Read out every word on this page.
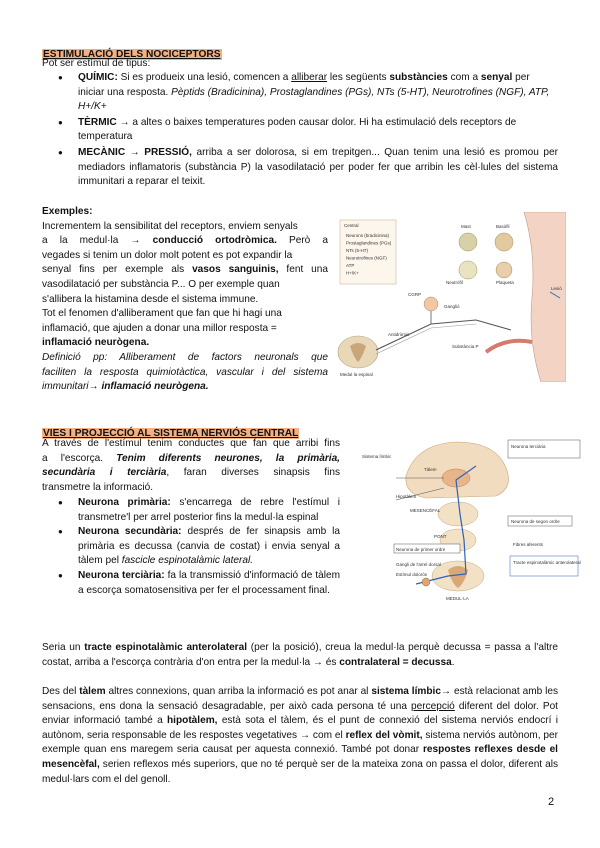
ESTIMULACIÓ DELS NOCICEPTORS
Pot ser estímul de tipus:
● QUÍMIC: Si es produeix una lesió, comencen a alliberar les següents substàncies com a senyal per iniciar una resposta. Pèptids (Bradicinina), Prostaglandines (PGs), NTs (5-HT), Neurotrofines (NGF), ATP, H+/K+
● TÈRMIC → a altes o baixes temperatures poden causar dolor. Hi ha estimulació dels receptors de temperatura
● MECÀNIC → PRESSIÓ, arriba a ser dolorosa, si em trepitgen... Quan tenim una lesió es promou per mediadors inflamatoris (substància P) la vasodilatació per poder fer que arribin les cèl·lules del sistema immunitari a reparar el teixit.
Exemples:
Incrementem la sensibilitat del receptors, enviem senyals
a la medul·la → conducció ortodròmica. Però a
vegades si tenim un dolor molt potent es pot expandir la
senyal fins per exemple als vasos sanguinis, fent una
vasodilatació per substància P... O per exemple quan
s'allibera la histamina desde el sistema immune.
Tot el fenomen d'alliberament que fan que hi hagi una
inflamació, que ajuden a donar una millor resposta =
inflamació neurògena.
Definició pp: Alliberament de factors neuronals que
faciliten la resposta quimiotàctica, vascular i del sistema
immunitari→ inflamació neurògena.
Central
Neurons (bradicinina)
Prostaglandines (PGs)
NTs (5-HT)
Neurotrofines (NGF)
ATP
H+/K+
Medul·la espinal
Mast	Basòfil
Neutròfil	Plaqueta
Ganglió
Lesió
CGRP
Substància P
Antidròmic
VIES I PROJECCIÓ AL SISTEMA NERVIÓS CENTRAL
A través de l'estímul tenim conductes que fan que arribi fins
a l'escorça. Tenim diferents neurones, la primària,
secundària i terciària, faran diverses sinapsis fins
transmetre la informació.
● Neurona primària: s'encarrega de rebre l'estímul i transmetre'l per arrel posterior fins la medul·la espinal
● Neurona secundària: després de fer sinapsis amb la primària es decussa (canvia de costat) i envia senyal a tàlem pel fascicle espinotalàmic lateral.
● Neurona terciària: fa la transmissió d'informació de tàlem a escorça somatosensitiva per fer el processament final.
Sistema límbic
Tàlem
Hipotàlem
Neurona terciària
MESENCÈFAL
Neurona de segon ordre
PONT
Neurona de primer ordre
Gangli de l'arrel dorsal
Estímul dolorós
Tracte espinotalàmic anterolateral
Fibres aferents
MEDUL·LA
Seria un tracte espinotalàmic anterolateral (per la posició), creua la medul·la perquè decussa = passa a l'altre costat, arriba a l'escorça contrària d'on entra per la medul·la → és contralateral = decussa.
Des del tàlem altres connexions, quan arriba la informació es pot anar al sistema límbic→ està relacionat amb les sensacions, ens dona la sensació desagradable, per això cada persona té una percepció diferent del dolor. Pot enviar informació també a hipotàlem, està sota el tàlem, és el punt de connexió del sistema nerviós endocrí i autònom, seria responsable de les respostes vegetatives → com el reflex del vòmit, sistema nerviós autònom, per exemple quan ens maregem seria causat per aquesta connexió. També pot donar respostes reflexes desde el mesencèfal, serien reflexos més superiors, que no té perquè ser de la mateixa zona on passa el dolor, diferent als medul·lars com el del genoll.
2
